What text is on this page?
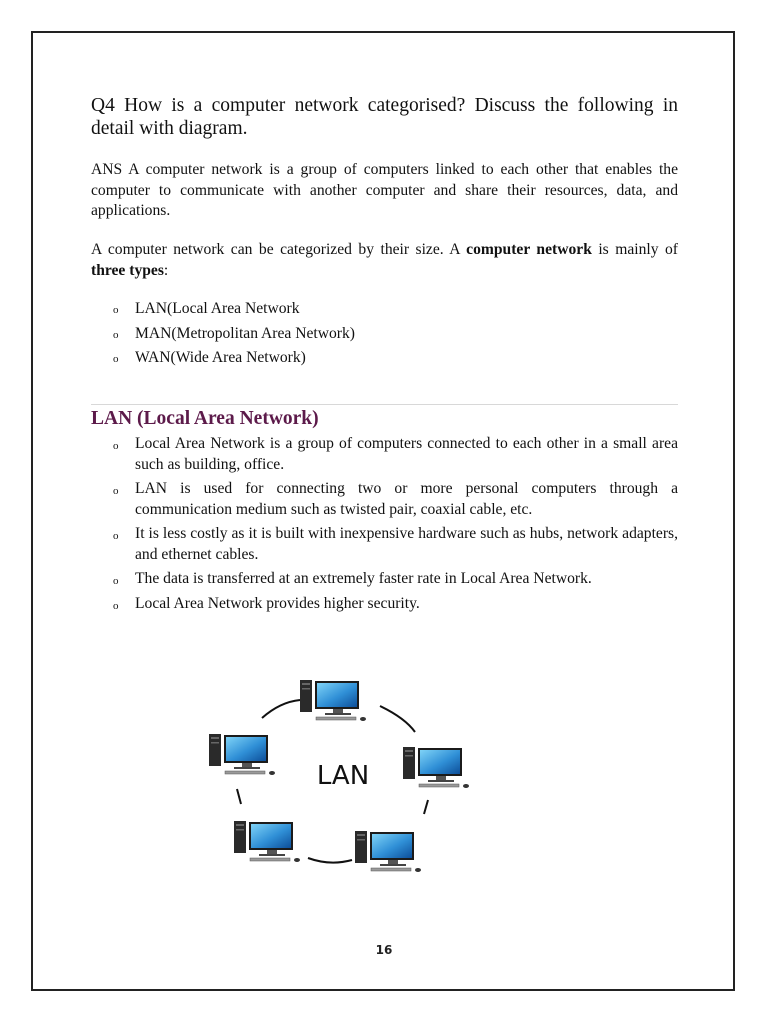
Q4 How is a computer network categorised? Discuss the following in detail with diagram.
ANS A computer network is a group of computers linked to each other that enables the computer to communicate with another computer and share their resources, data, and applications.
A computer network can be categorized by their size. A computer network is mainly of three types:
o LAN(Local Area Network
o MAN(Metropolitan Area Network)
o WAN(Wide Area Network)
LAN (Local Area Network)
o Local Area Network is a group of computers connected to each other in a small area such as building, office.
o LAN is used for connecting two or more personal computers through a communication medium such as twisted pair, coaxial cable, etc.
o It is less costly as it is built with inexpensive hardware such as hubs, network adapters, and ethernet cables.
o The data is transferred at an extremely faster rate in Local Area Network.
o Local Area Network provides higher security.
LAN
16
